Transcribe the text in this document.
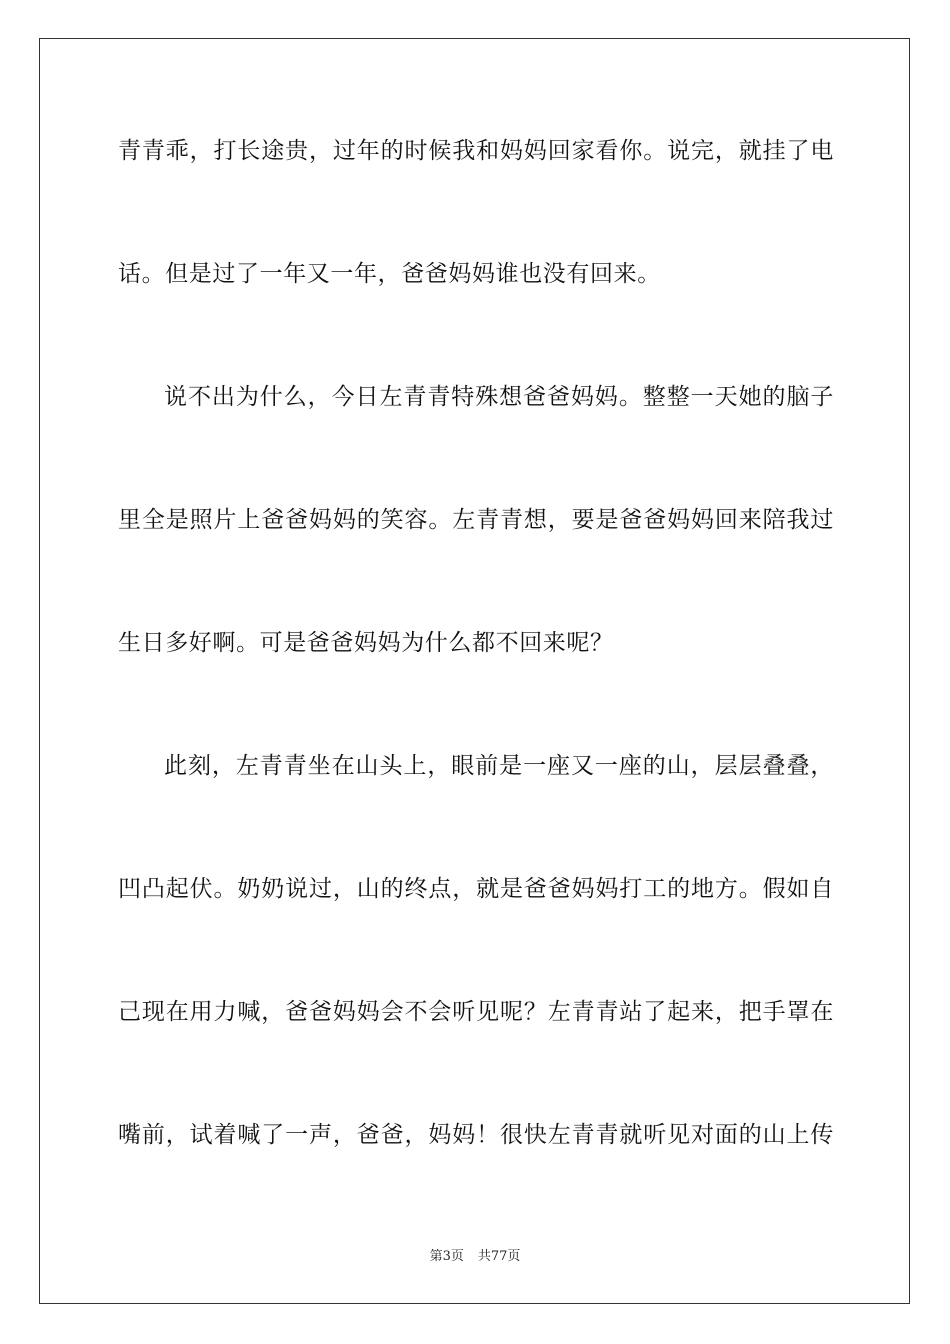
青青乖，打长途贵，过年的时候我和妈妈回家看你。说完，就挂了电
话。但是过了一年又一年，爸爸妈妈谁也没有回来。
说不出为什么，今日左青青特殊想爸爸妈妈。整整一天她的脑子
里全是照片上爸爸妈妈的笑容。左青青想，要是爸爸妈妈回来陪我过
生日多好啊。可是爸爸妈妈为什么都不回来呢？
此刻，左青青坐在山头上，眼前是一座又一座的山，层层叠叠，
凹凸起伏。奶奶说过，山的终点，就是爸爸妈妈打工的地方。假如自
己现在用力喊，爸爸妈妈会不会听见呢？左青青站了起来，把手罩在
嘴前，试着喊了一声，爸爸，妈妈！很快左青青就听见对面的山上传
第3页 共77页
